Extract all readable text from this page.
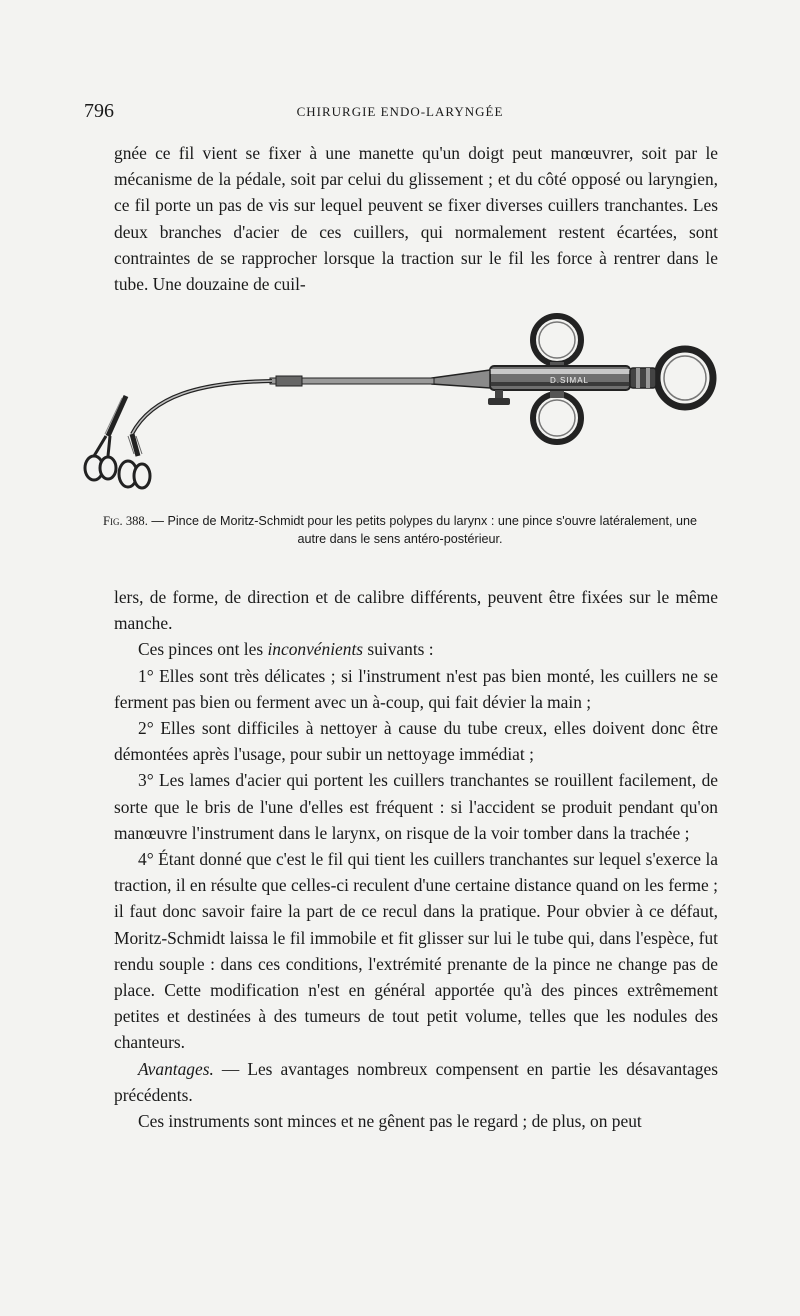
796	CHIRURGIE ENDO-LARYNGÉE

gnée ce fil vient se fixer à une manette qu'un doigt peut manœuvrer, soit par le mécanisme de la pédale, soit par celui du glissement ; et du côté opposé ou laryngien, ce fil porte un pas de vis sur lequel peuvent se fixer diverses cuillers tranchantes. Les deux branches d'acier de ces cuillers, qui normalement restent écartées, sont contraintes de se rapprocher lorsque la traction sur le fil les force à rentrer dans le tube. Une douzaine de cuil-

D.SIMAL
Fig. 388. — Pince de Moritz-Schmidt pour les petits polypes du larynx : une pince s'ouvre latéralement, une autre dans le sens antéro-postérieur.

lers, de forme, de direction et de calibre différents, peuvent être fixées sur le même manche.

Ces pinces ont les inconvénients suivants :

1° Elles sont très délicates ; si l'instrument n'est pas bien monté, les cuillers ne se ferment pas bien ou ferment avec un à-coup, qui fait dévier la main ;

2° Elles sont difficiles à nettoyer à cause du tube creux, elles doivent donc être démontées après l'usage, pour subir un nettoyage immédiat ;

3° Les lames d'acier qui portent les cuillers tranchantes se rouillent facilement, de sorte que le bris de l'une d'elles est fréquent : si l'accident se produit pendant qu'on manœuvre l'instrument dans le larynx, on risque de la voir tomber dans la trachée ;

4° Étant donné que c'est le fil qui tient les cuillers tranchantes sur lequel s'exerce la traction, il en résulte que celles-ci reculent d'une certaine distance quand on les ferme ; il faut donc savoir faire la part de ce recul dans la pratique. Pour obvier à ce défaut, Moritz-Schmidt laissa le fil immobile et fit glisser sur lui le tube qui, dans l'espèce, fut rendu souple : dans ces conditions, l'extrémité prenante de la pince ne change pas de place. Cette modification n'est en général apportée qu'à des pinces extrêmement petites et destinées à des tumeurs de tout petit volume, telles que les nodules des chanteurs.

Avantages. — Les avantages nombreux compensent en partie les désavantages précédents.

Ces instruments sont minces et ne gênent pas le regard ; de plus, on peut
